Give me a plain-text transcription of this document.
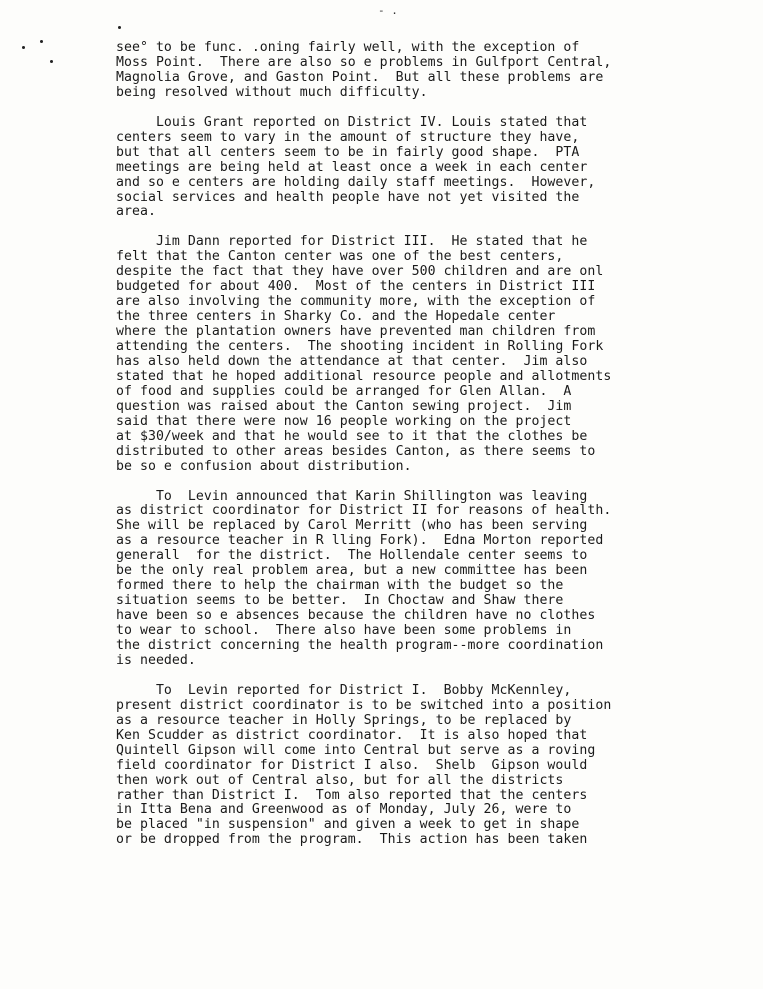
- .
see° to be func. .oning fairly well, with the exception of
Moss Point.  There are also so e problems in Gulfport Central,
Magnolia Grove, and Gaston Point.  But all these problems are
being resolved without much difficulty.
Louis Grant reported on District IV. Louis stated that
centers seem to vary in the amount of structure they have,
but that all centers seem to be in fairly good shape.  PTA
meetings are being held at least once a week in each center
and so e centers are holding daily staff meetings.  However,
social services and health people have not yet visited the
area.
Jim Dann reported for District III.  He stated that he
felt that the Canton center was one of the best centers,
despite the fact that they have over 500 children and are onl
budgeted for about 400.  Most of the centers in District III
are also involving the community more, with the exception of
the three centers in Sharky Co. and the Hopedale center
where the plantation owners have prevented man children from
attending the centers.  The shooting incident in Rolling Fork
has also held down the attendance at that center.  Jim also
stated that he hoped additional resource people and allotments
of food and supplies could be arranged for Glen Allan.  A
question was raised about the Canton sewing project.  Jim
said that there were now 16 people working on the project
at $30/week and that he would see to it that the clothes be
distributed to other areas besides Canton, as there seems to
be so e confusion about distribution.
To  Levin announced that Karin Shillington was leaving
as district coordinator for District II for reasons of health.
She will be replaced by Carol Merritt (who has been serving
as a resource teacher in R lling Fork).  Edna Morton reported
generall  for the district.  The Hollendale center seems to
be the only real problem area, but a new committee has been
formed there to help the chairman with the budget so the
situation seems to be better.  In Choctaw and Shaw there
have been so e absences because the children have no clothes
to wear to school.  There also have been some problems in
the district concerning the health program--more coordination
is needed.
To  Levin reported for District I.  Bobby McKennley,
present district coordinator is to be switched into a position
as a resource teacher in Holly Springs, to be replaced by
Ken Scudder as district coordinator.  It is also hoped that
Quintell Gipson will come into Central but serve as a roving
field coordinator for District I also.  Shelb  Gipson would
then work out of Central also, but for all the districts
rather than District I.  Tom also reported that the centers
in Itta Bena and Greenwood as of Monday, July 26, were to
be placed "in suspension" and given a week to get in shape
or be dropped from the program.  This action has been taken
